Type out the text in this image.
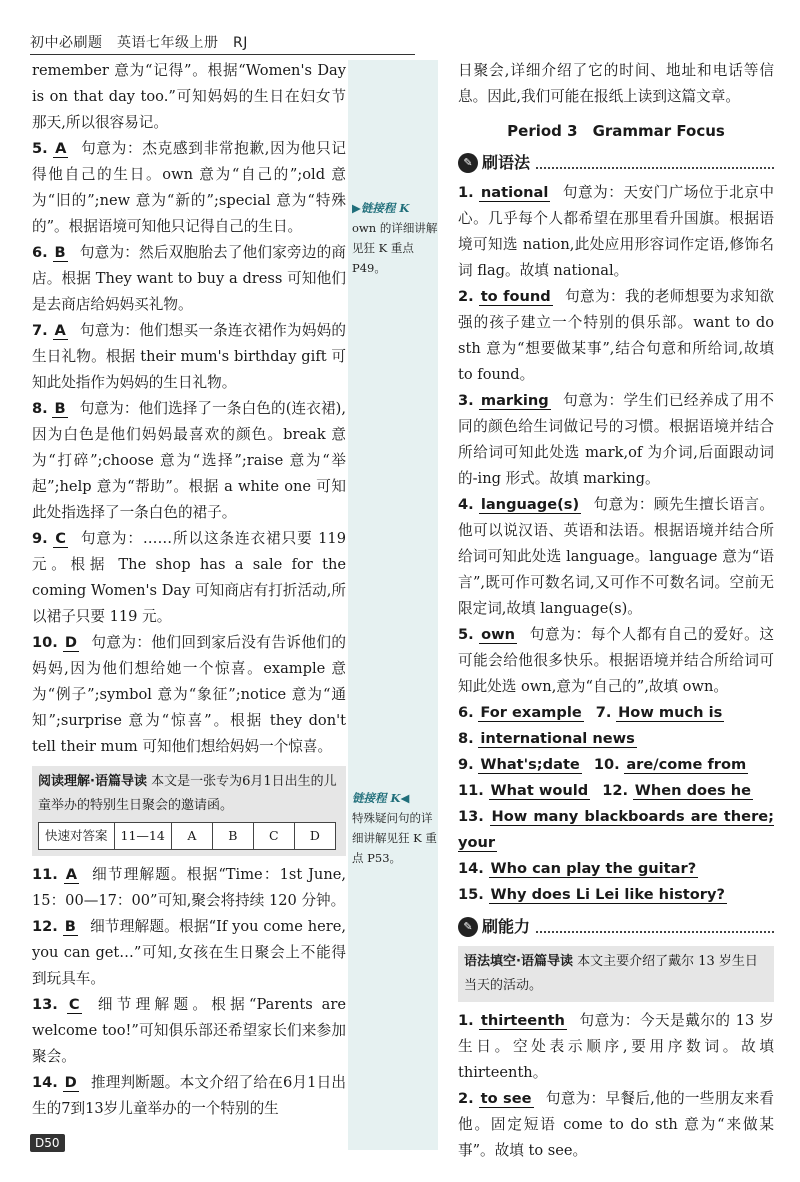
初中必刷题　英语七年级上册　RJ
▶链接程 K
own 的详细讲解见狂 K 重点 P49。
链接程 K◀
特殊疑问句的详细讲解见狂 K 重点 P53。

remember 意为“记得”。根据“Women's Day is on that day too.”可知妈妈的生日在妇女节那天,所以很容易记。

5. A 句意为：杰克感到非常抱歉,因为他只记得他自己的生日。own 意为“自己的”;old 意为“旧的”;new 意为“新的”;special 意为“特殊的”。根据语境可知他只记得自己的生日。

6. B 句意为：然后双胞胎去了他们家旁边的商店。根据 They want to buy a dress 可知他们是去商店给妈妈买礼物。

7. A 句意为：他们想买一条连衣裙作为妈妈的生日礼物。根据 their mum's birthday gift 可知此处指作为妈妈的生日礼物。

8. B 句意为：他们选择了一条白色的(连衣裙),因为白色是他们妈妈最喜欢的颜色。break 意为“打碎”;choose 意为“选择”;raise 意为“举起”;help 意为“帮助”。根据 a white one 可知此处指选择了一条白色的裙子。

9. C 句意为：……所以这条连衣裙只要 119 元。根据 The shop has a sale for the coming Women's Day 可知商店有打折活动,所以裙子只要 119 元。

10. D 句意为：他们回到家后没有告诉他们的妈妈,因为他们想给她一个惊喜。example 意为“例子”;symbol 意为“象征”;notice 意为“通知”;surprise 意为“惊喜”。根据 they don't tell their mum 可知他们想给妈妈一个惊喜。

阅读理解·语篇导读 本文是一张专为6月1日出生的儿童举办的特别生日聚会的邀请函。
快速对答案	11—14	A	B	C	D

11. A 细节理解题。根据“Time：1st June, 15：00—17：00”可知,聚会将持续 120 分钟。

12. B 细节理解题。根据“If you come here, you can get…”可知,女孩在生日聚会上不能得到玩具车。

13. C 细节理解题。根据“Parents are welcome too!”可知俱乐部还希望家长们来参加聚会。

14. D 推理判断题。本文介绍了给在6月1日出生的7到13岁儿童举办的一个特别的生

日聚会,详细介绍了它的时间、地址和电话等信息。因此,我们可能在报纸上读到这篇文章。

Period 3　Grammar Focus
✎ 刷语法

1. national 句意为：天安门广场位于北京中心。几乎每个人都希望在那里看升国旗。根据语境可知选 nation,此处应用形容词作定语,修饰名词 flag。故填 national。

2. to found 句意为：我的老师想要为求知欲强的孩子建立一个特别的俱乐部。want to do sth 意为“想要做某事”,结合句意和所给词,故填 to found。

3. marking 句意为：学生们已经养成了用不同的颜色给生词做记号的习惯。根据语境并结合所给词可知此处选 mark,of 为介词,后面跟动词的-ing 形式。故填 marking。

4. language(s) 句意为：顾先生擅长语言。他可以说汉语、英语和法语。根据语境并结合所给词可知此处选 language。language 意为“语言”,既可作可数名词,又可作不可数名词。空前无限定词,故填 language(s)。

5. own 句意为：每个人都有自己的爱好。这可能会给他很多快乐。根据语境并结合所给词可知此处选 own,意为“自己的”,故填 own。

6. For example 7. How much is

8. international news

9. What's;date 10. are/come from

11. What would 12. When does he

13. How many blackboards are there; your

14. Who can play the guitar?

15. Why does Li Lei like history?

✎ 刷能力
语法填空·语篇导读 本文主要介绍了戴尔 13 岁生日当天的活动。

1. thirteenth 句意为：今天是戴尔的 13 岁生日。空处表示顺序,要用序数词。故填 thirteenth。

2. to see 句意为：早餐后,他的一些朋友来看他。固定短语 come to do sth 意为“来做某事”。故填 to see。

D50
